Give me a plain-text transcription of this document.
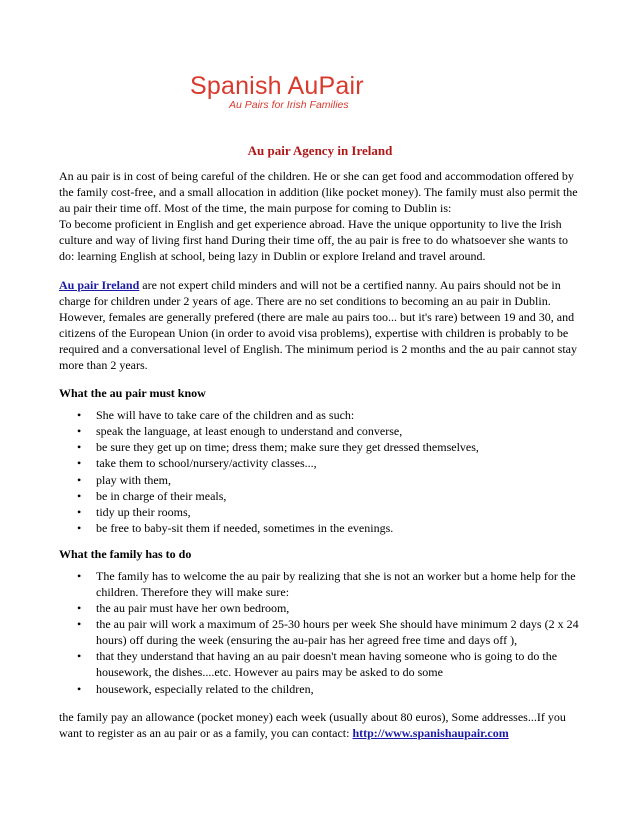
Spanish AuPair
Au Pairs for Irish Families
Au pair Agency in Ireland

An au pair is in cost of being careful of the children. He or she can get food and accommodation offered by the family cost-free, and a small allocation in addition (like pocket money). The family must also permit the au pair their time off. Most of the time, the main purpose for coming to Dublin is:
To become proficient in English and get experience abroad. Have the unique opportunity to live the Irish culture and way of living first hand During their time off, the au pair is free to do whatsoever she wants to do: learning English at school, being lazy in Dublin or explore Ireland and travel around.

Au pair Ireland are not expert child minders and will not be a certified nanny. Au pairs should not be in charge for children under 2 years of age. There are no set conditions to becoming an au pair in Dublin. However, females are generally prefered (there are male au pairs too... but it's rare) between 19 and 30, and citizens of the European Union (in order to avoid visa problems), expertise with children is probably to be required and a conversational level of English. The minimum period is 2 months and the au pair cannot stay more than 2 years.

What the au pair must know
• She will have to take care of the children and as such:
• speak the language, at least enough to understand and converse,
• be sure they get up on time; dress them; make sure they get dressed themselves,
• take them to school/nursery/activity classes...,
• play with them,
• be in charge of their meals,
• tidy up their rooms,
• be free to baby-sit them if needed, sometimes in the evenings.
What the family has to do
• The family has to welcome the au pair by realizing that she is not an worker but a home help for the children. Therefore they will make sure:
• the au pair must have her own bedroom,
• the au pair will work a maximum of 25-30 hours per week She should have minimum 2 days (2 x 24 hours) off during the week (ensuring the au-pair has her agreed free time and days off ),
• that they understand that having an au pair doesn't mean having someone who is going to do the housework, the dishes....etc. However au pairs may be asked to do some
• housework, especially related to the children,

the family pay an allowance (pocket money) each week (usually about 80 euros), Some addresses...If you want to register as an au pair or as a family, you can contact: http://www.spanishaupair.com
